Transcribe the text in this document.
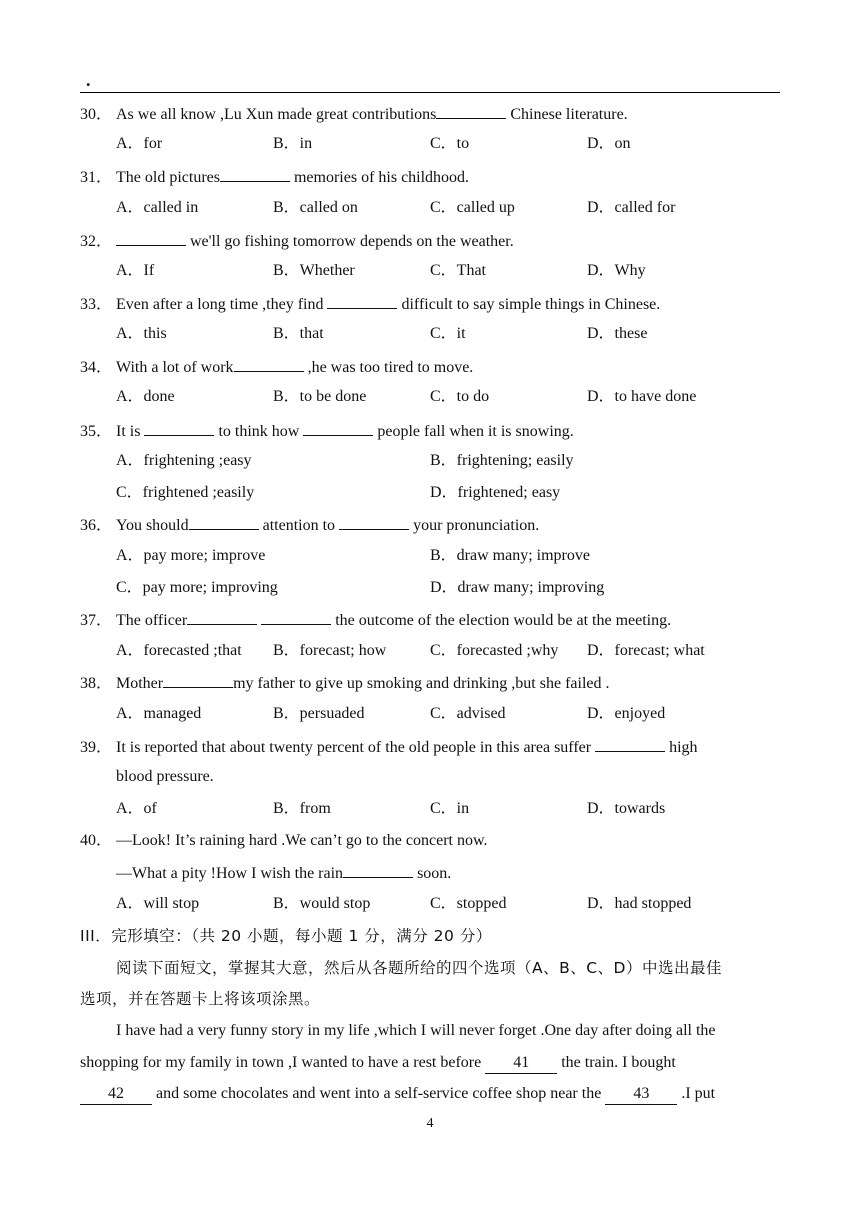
.
30． As we all know ,Lu Xun made great contributions	Chinese literature.
A．for	B．in	C．to	D．on
31． The old pictures	memories of his childhood.
A．called in	B．called on	C．called up	D．called for
32．	we'll go fishing tomorrow depends on the weather.
A．If	B．Whether	C．That	D．Why
33． Even after a long time ,they find	difficult to say simple things in Chinese.
A．this	B．that	C．it	D．these
34． With a lot of work	,he was too tired to move.
A．done	B．to be done	C．to do	D．to have done
35． It is	to think how	people fall when it is snowing.
A．frightening ;easy	B．frightening; easily
C．frightened ;easily	D．frightened; easy
36． You should	attention to	your pronunciation.
A．pay more; improve	B．draw many; improve
C．pay more; improving	D．draw many; improving
37． The officer	the outcome of the election would be at the meeting.
A．forecasted ;that B．forecast; how	C．forecasted ;why D．forecast; what
38． Mother	my father to give up smoking and drinking ,but she failed .
A．managed	B．persuaded	C．advised	D．enjoyed
39． It is reported that about twenty percent of the old people in this area suffer	high
blood pressure.
A．of	B．from	C．in	D．towards
40． —Look! It’s raining hard .We can’t go to the concert now.
—What a pity !How I wish the rain	soon.
A．will stop	B．would stop	C．stopped	D．had stopped
III．完形填空：（共 20 小题，每小题 1 分，满分 20 分）
阅读下面短文，掌握其大意，然后从各题所给的四个选项（A、B、C、D）中选出最佳
选项，并在答题卡上将该项涂黑。
I have had a very funny story in my life ,which I will never forget .One day after doing all the
shopping for my family in town ,I wanted to have a rest before 41 the train. I bought
42 and some chocolates and went into a self-service coffee shop near the 43 .I put
4
